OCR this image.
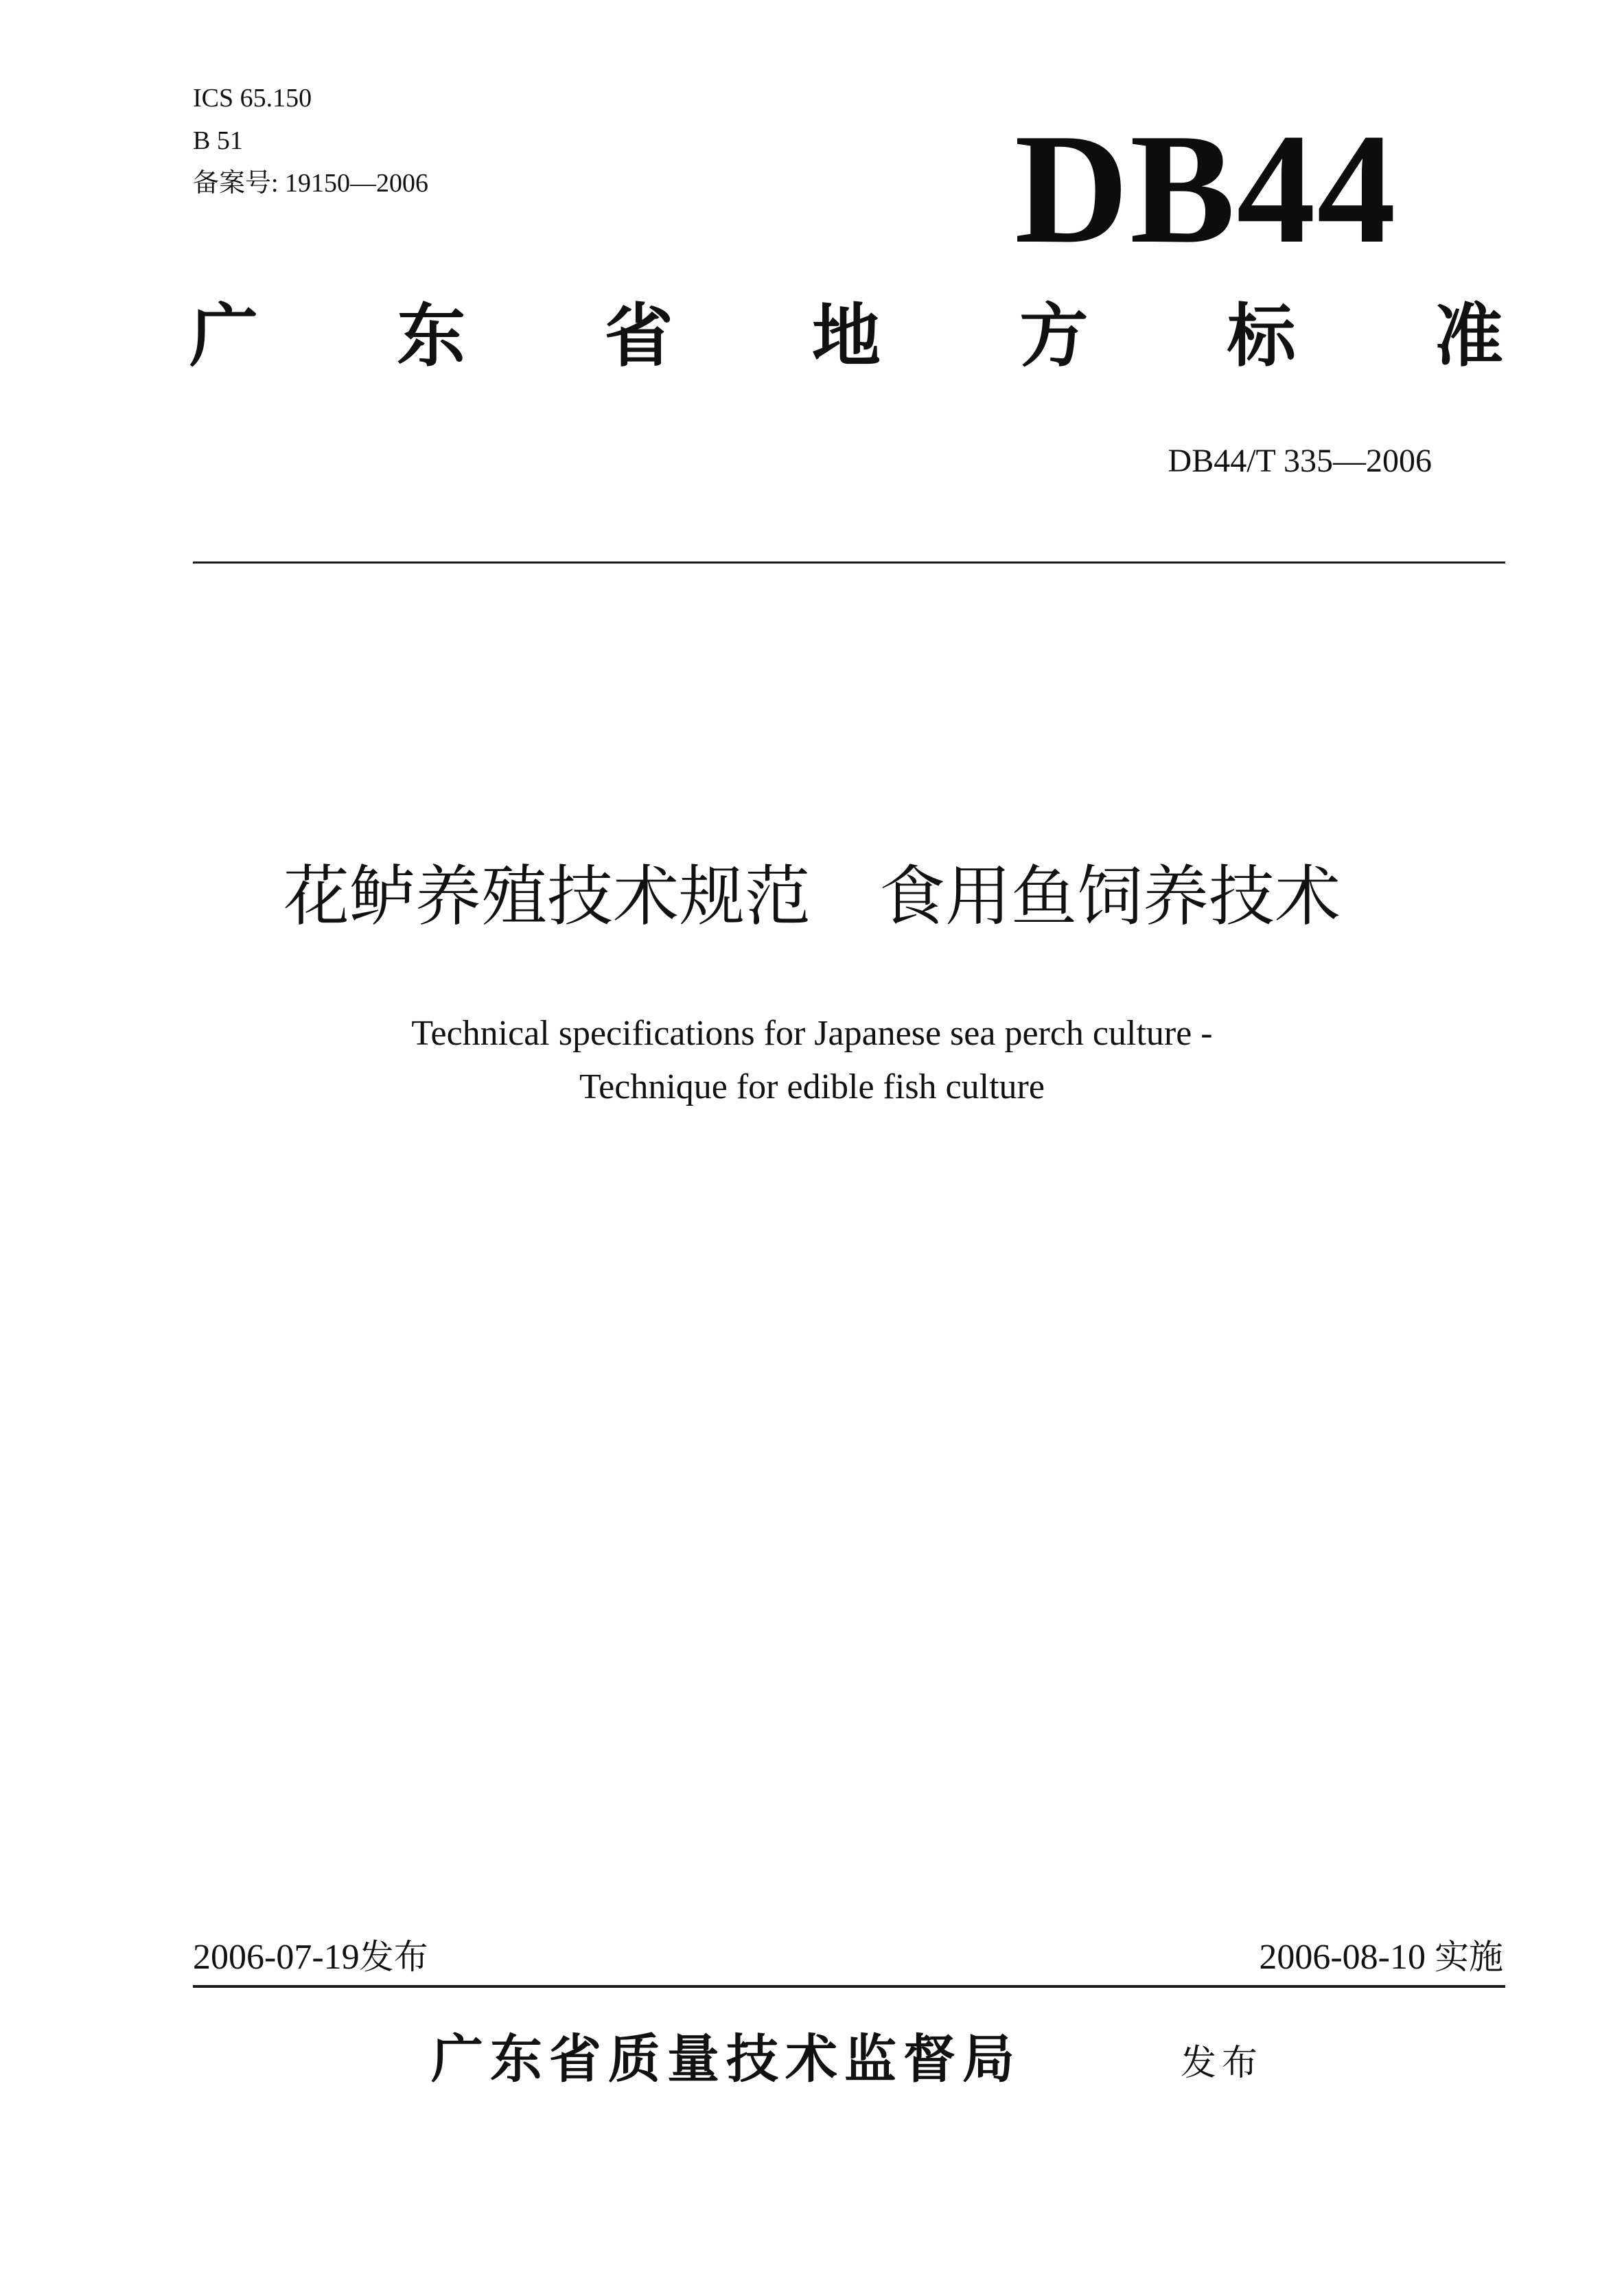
ICS 65.150
B 51
备案号: 19150—2006	DB44
广 东 省 地 方 标 准
DB44/T 335—2006
花鲈养殖技术规范 食用鱼饲养技术
Technical specifications for Japanese sea perch culture -
Technique for edible fish culture
2006-07-19发布	2006-08-10 实施
广东省质量技术监督局	发布
